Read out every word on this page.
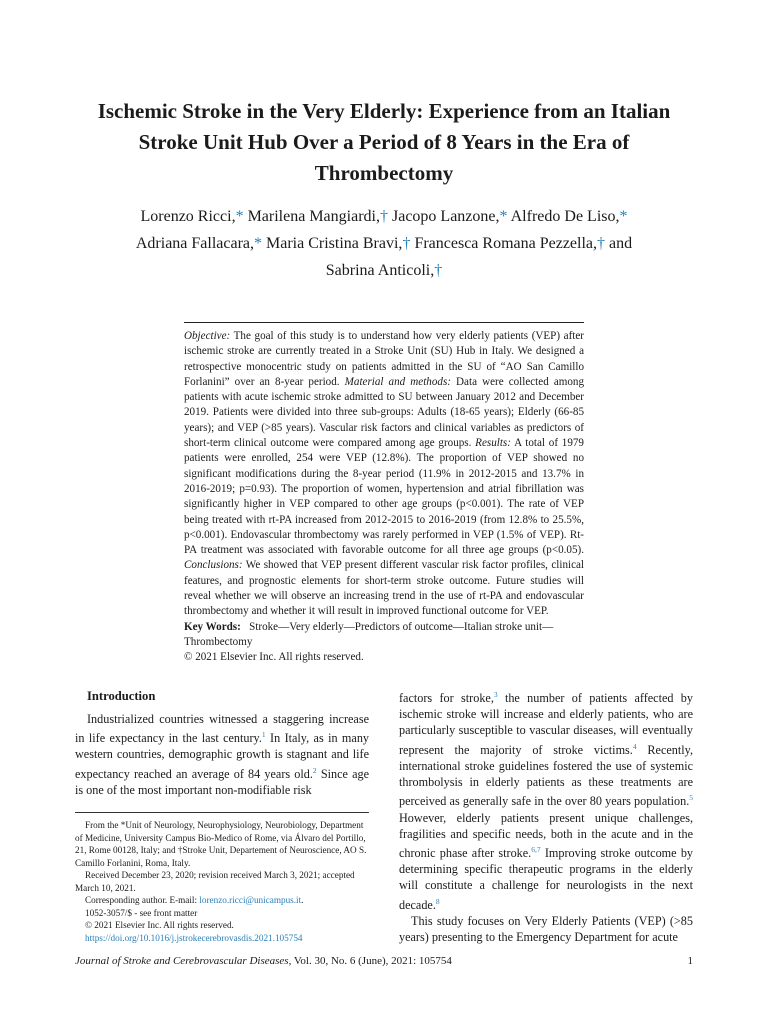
Ischemic Stroke in the Very Elderly: Experience from an Italian
Stroke Unit Hub Over a Period of 8 Years in the Era of
Thrombectomy
Lorenzo Ricci,* Marilena Mangiardi,† Jacopo Lanzone,* Alfredo De Liso,*
Adriana Fallacara,* Maria Cristina Bravi,† Francesca Romana Pezzella,† and
Sabrina Anticoli,†

Objective: The goal of this study is to understand how very elderly patients (VEP) after ischemic stroke are currently treated in a Stroke Unit (SU) Hub in Italy. We designed a retrospective monocentric study on patients admitted in the SU of “AO San Camillo Forlanini” over an 8-year period. Material and methods: Data were collected among patients with acute ischemic stroke admitted to SU between January 2012 and December 2019. Patients were divided into three sub-groups: Adults (18-65 years); Elderly (66-85 years); and VEP (>85 years). Vascular risk factors and clinical variables as predictors of short-term clinical outcome were compared among age groups. Results: A total of 1979 patients were enrolled, 254 were VEP (12.8%). The proportion of VEP showed no significant modifications during the 8-year period (11.9% in 2012-2015 and 13.7% in 2016-2019; p=0.93). The proportion of women, hypertension and atrial fibrillation was significantly higher in VEP compared to other age groups (p<0.001). The rate of VEP being treated with rt-PA increased from 2012-2015 to 2016-2019 (from 12.8% to 25.5%, p<0.001). Endovascular thrombectomy was rarely performed in VEP (1.5% of VEP). Rt-PA treatment was associated with favorable outcome for all three age groups (p<0.05). Conclusions: We showed that VEP present different vascular risk factor profiles, clinical features, and prognostic elements for short-term stroke outcome. Future studies will reveal whether we will observe an increasing trend in the use of rt-PA and endovascular thrombectomy and whether it will result in improved functional outcome for VEP.

Key Words: Stroke—Very elderly—Predictors of outcome—Italian stroke unit—Thrombectomy

© 2021 Elsevier Inc. All rights reserved.

Introduction

Industrialized countries witnessed a staggering increase in life expectancy in the last century.$^1$ In Italy, as in many western countries, demographic growth is stagnant and life expectancy reached an average of 84 years old.$^2$ Since age is one of the most important non-modifiable risk

From the *Unit of Neurology, Neurophysiology, Neurobiology, Department of Medicine, University Campus Bio-Medico of Rome, via Álvaro del Portillo, 21, Rome 00128, Italy; and †Stroke Unit, Departement of Neuroscience, AO S. Camillo Forlanini, Roma, Italy.

Received December 23, 2020; revision received March 3, 2021; accepted March 10, 2021.

Corresponding author. E-mail: lorenzo.ricci@unicampus.it.

1052-3057/$ - see front matter

© 2021 Elsevier Inc. All rights reserved.

https://doi.org/10.1016/j.jstrokecerebrovasdis.2021.105754

factors for stroke,$^3$ the number of patients affected by ischemic stroke will increase and elderly patients, who are particularly susceptible to vascular diseases, will eventually represent the majority of stroke victims.$^4$ Recently, international stroke guidelines fostered the use of systemic thrombolysis in elderly patients as these treatments are perceived as generally safe in the over 80 years population.$^5$ However, elderly patients present unique challenges, fragilities and specific needs, both in the acute and in the chronic phase after stroke.$^{6,7}$ Improving stroke outcome by determining specific therapeutic programs in the elderly will constitute a challenge for neurologists in the next decade.$^8$

This study focuses on Very Elderly Patients (VEP) (>85 years) presenting to the Emergency Department for acute

Journal of Stroke and Cerebrovascular Diseases, Vol. 30, No. 6 (June), 2021: 105754	1
